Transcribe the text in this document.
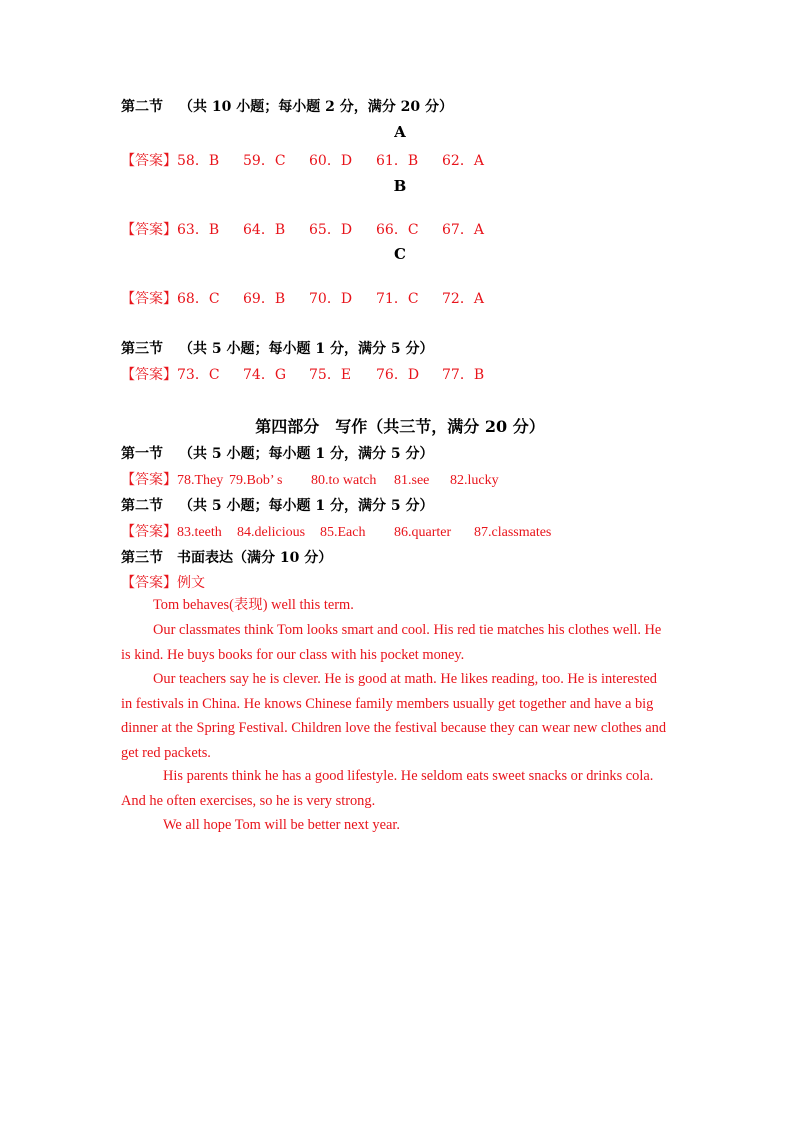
第二节 （共 10 小题；每小题 2 分，满分 20 分）
A
【答案】58．B 59．C 60．D 61．B 62．A
B
【答案】63．B 64．B 65．D 66．C 67．A
C
【答案】68．C 69．B 70．D 71．C 72．A
第三节 （共 5 小题；每小题 1 分，满分 5 分）
【答案】73．C 74．G 75．E 76．D 77．B
第四部分　写作（共三节，满分 20 分）
第一节 （共 5 小题；每小题 1 分，满分 5 分）
【答案】78.They 79.Bob’ s 80.to watch 81.see 82.lucky
第二节 （共 5 小题；每小题 1 分，满分 5 分）
【答案】83.teeth 84.delicious 85.Each 86.quarter 87.classmates
第三节　书面表达（满分 10 分）
【答案】例文
Tom behaves(表现) well this term.
Our classmates think Tom looks smart and cool. His red tie matches his clothes well. He is kind. He buys books for our class with his pocket money.
Our teachers say he is clever. He is good at math. He likes reading, too. He is interested in festivals in China. He knows Chinese family members usually get together and have a big dinner at the Spring Festival. Children love the festival because they can wear new clothes and get red packets.
His parents think he has a good lifestyle. He seldom eats sweet snacks or drinks cola. And he often exercises, so he is very strong.
We all hope Tom will be better next year.
